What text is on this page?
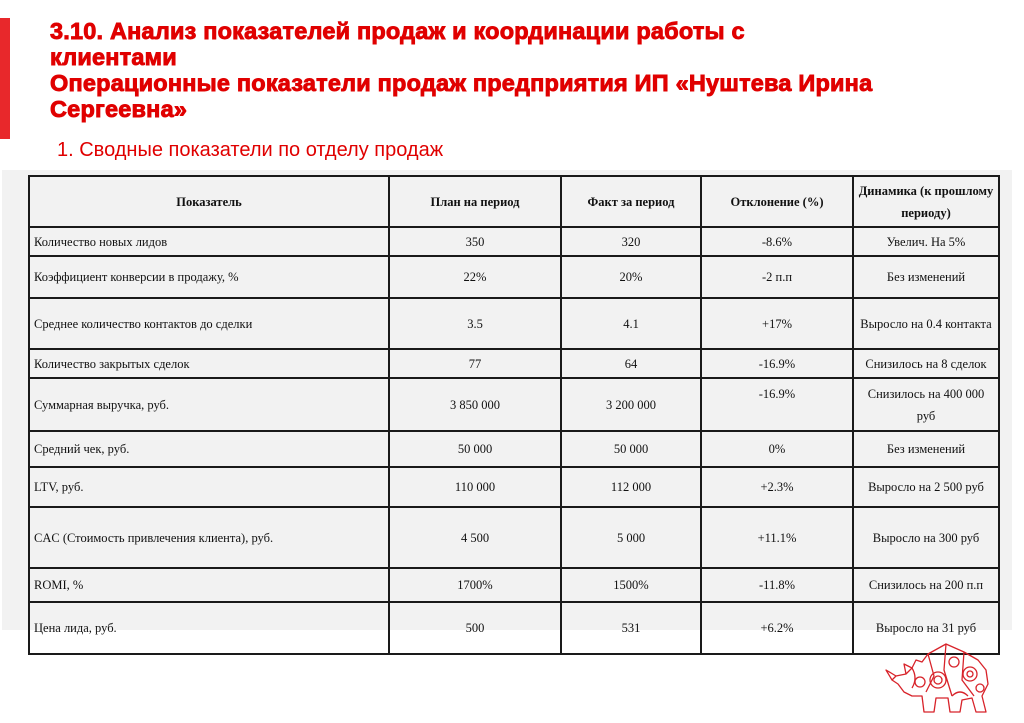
3.10. Анализ показателей продаж и координации работы с
клиентами
Операционные показатели продаж предприятия ИП «Нуштева Ирина
Сергеевна»
1. Сводные показатели по отделу продаж
Показатель	План на период	Факт за период	Отклонение (%)	Динамика (к прошлому периоду)
Количество новых лидов	350	320	-8.6%	Увелич. На 5%
Коэффициент конверсии в продажу, %	22%	20%	-2 п.п	Без изменений
Среднее количество контактов до сделки	3.5	4.1	+17%	Выросло на 0.4 контакта
Количество закрытых сделок	77	64	-16.9%	Снизилось на 8 сделок
Суммарная выручка, руб.	3 850 000	3 200 000	-16.9%	Снизилось на 400 000 руб
Средний чек, руб.	50 000	50 000	0%	Без изменений
LTV, руб.	110 000	112 000	+2.3%	Выросло на 2 500 руб
CAC (Стоимость привлечения клиента), руб.	4 500	5 000	+11.1%	Выросло на 300 руб
ROMI, %	1700%	1500%	-11.8%	Снизилось на 200 п.п
Цена лида, руб.	500	531	+6.2%	Выросло на 31 руб
